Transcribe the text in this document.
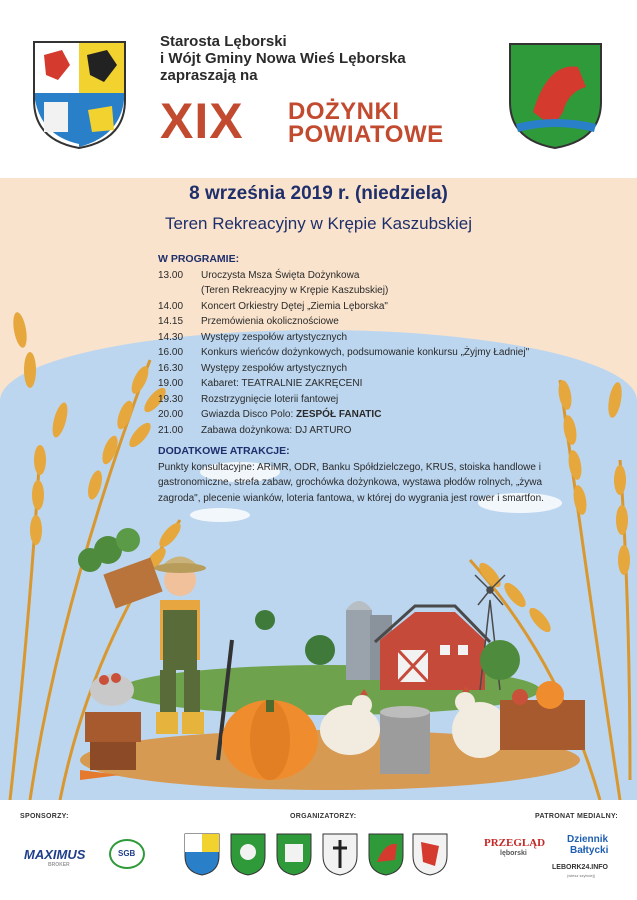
Starosta Lęborski
i Wójt Gminy Nowa Wieś Lęborska
zapraszają na
XIX DOŻYNKI
POWIATOWE
8 września 2019 r. (niedziela)
Teren Rekreacyjny w Krępie Kaszubskiej
W PROGRAMIE:
13.00	Uroczysta Msza Święta Dożynkowa
(Teren Rekreacyjny w Krępie Kaszubskiej)
14.00	Koncert Orkiestry Dętej „Ziemia Lęborska"
14.15	Przemówienia okolicznościowe
14.30	Występy zespołów artystycznych
16.00	Konkurs wieńców dożynkowych, podsumowanie konkursu „Żyjmy Ładniej"
16.30	Występy zespołów artystycznych
19.00	Kabaret: TEATRALNIE ZAKRĘCENI
19.30	Rozstrzygnięcie loterii fantowej
20.00	Gwiazda Disco Polo: ZESPÓŁ FANATIC
21.00	Zabawa dożynkowa: DJ ARTURO
DODATKOWE ATRAKCJE:
Punkty konsultacyjne: ARiMR, ODR, Banku Spółdzielczego, KRUS, stoiska handlowe i gastronomiczne, strefa zabaw, grochówka dożynkowa, wystawa płodów rolnych, „żywa zagroda", plecenie wianków, loteria fantowa, w której do wygrania jest rower i smartfon.
SPONSORZY:	ORGANIZATORZY:	PATRONAT MEDIALNY:
MAXIMUS
BROKER
SGB
PRZEGLĄD
lęborski
Dziennik
Bałtycki
LEBORK24.INFO
(wiesz szybciej)
